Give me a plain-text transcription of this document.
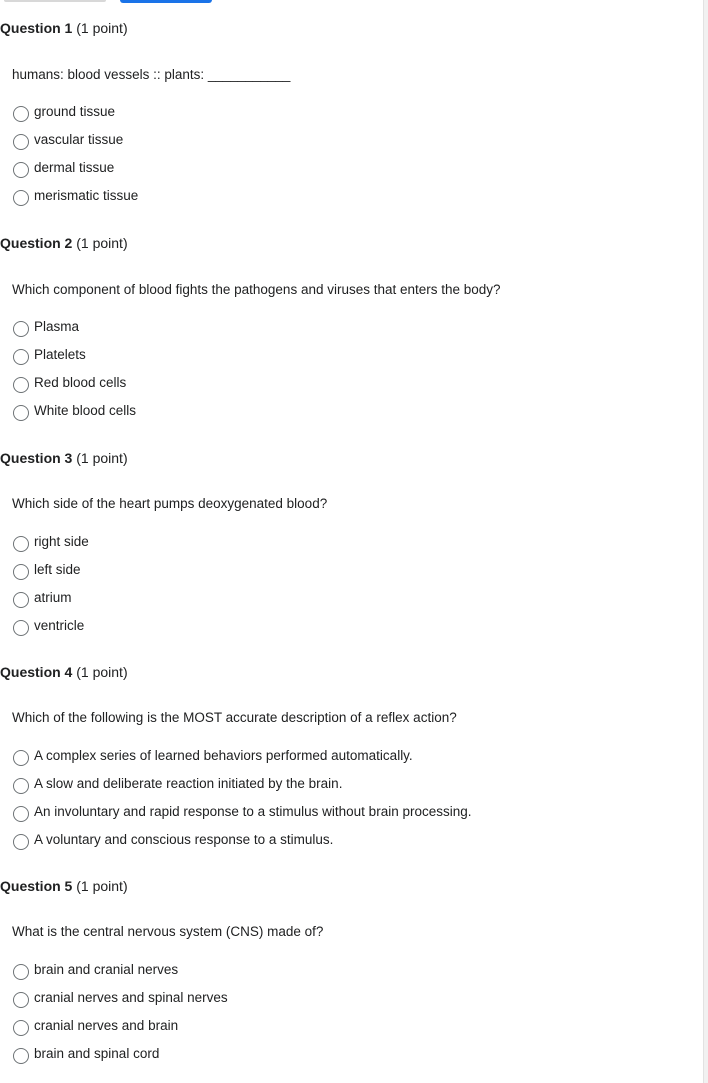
Question 1 (1 point)
humans: blood vessels :: plants: ___________
ground tissue
vascular tissue
dermal tissue
merismatic tissue
Question 2 (1 point)
Which component of blood fights the pathogens and viruses that enters the body?
Plasma
Platelets
Red blood cells
White blood cells
Question 3 (1 point)
Which side of the heart pumps deoxygenated blood?
right side
left side
atrium
ventricle
Question 4 (1 point)
Which of the following is the MOST accurate description of a reflex action?
A complex series of learned behaviors performed automatically.
A slow and deliberate reaction initiated by the brain.
An involuntary and rapid response to a stimulus without brain processing.
A voluntary and conscious response to a stimulus.
Question 5 (1 point)
What is the central nervous system (CNS) made of?
brain and cranial nerves
cranial nerves and spinal nerves
cranial nerves and brain
brain and spinal cord
